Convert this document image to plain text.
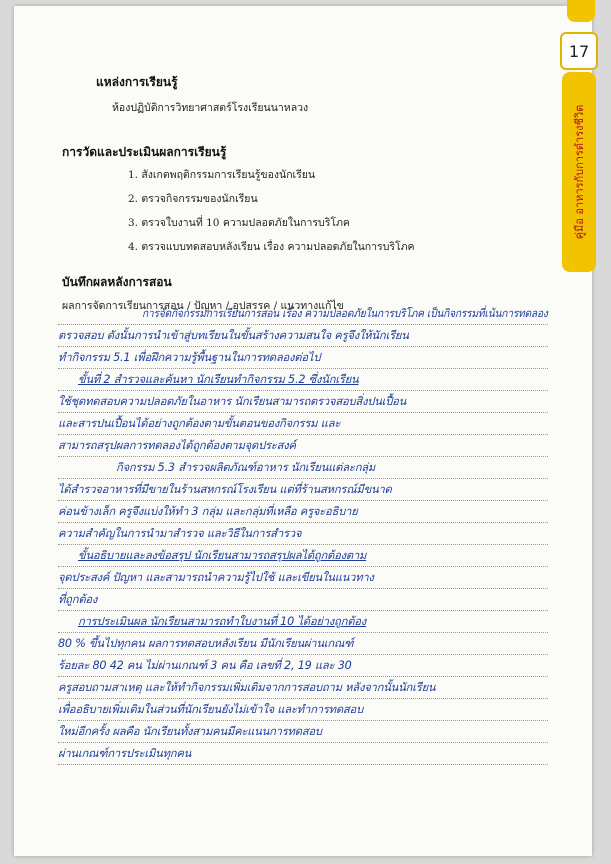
17
คู่มือ อาหารกับการดำรงชีวิต
แหล่งการเรียนรู้
ห้องปฏิบัติการวิทยาศาสตร์โรงเรียนนาหลวง
การวัดและประเมินผลการเรียนรู้
1. สังเกตพฤติกรรมการเรียนรู้ของนักเรียน
2. ตรวจกิจกรรมของนักเรียน
3. ตรวจใบงานที่ 10 ความปลอดภัยในการบริโภค
4. ตรวจแบบทดสอบหลังเรียน เรื่อง ความปลอดภัยในการบริโภค
บันทึกผลหลังการสอน
ผลการจัดการเรียนการสอน / ปัญหา / อุปสรรค / แนวทางแก้ไข
การจัดกิจกรรมการเรียนการสอน เรื่อง ความปลอดภัยในการบริโภค เป็นกิจกรรมที่เน้นการทดลอง
ตรวจสอบ ดังนั้นการนำเข้าสู่บทเรียนในขั้นสร้างความสนใจ ครูจึงให้นักเรียน
ทำกิจกรรม 5.1 เพื่อฝึกความรู้พื้นฐานในการทดลองต่อไป
ขั้นที่ 2 สำรวจและค้นหา นักเรียนทำกิจกรรม 5.2 ซึ่งนักเรียน
ใช้ชุดทดสอบความปลอดภัยในอาหาร นักเรียนสามารถตรวจสอบสิ่งปนเปื้อน
และสารปนเปื้อนได้อย่างถูกต้องตามขั้นตอนของกิจกรรม และ
สามารถสรุปผลการทดลองได้ถูกต้องตามจุดประสงค์
กิจกรรม 5.3 สำรวจผลิตภัณฑ์อาหาร นักเรียนแต่ละกลุ่ม
ได้สำรวจอาหารที่มีขายในร้านสหกรณ์โรงเรียน แต่ที่ร้านสหกรณ์มีขนาด
ค่อนข้างเล็ก ครูจึงแบ่งให้ทำ 3 กลุ่ม และกลุ่มที่เหลือ ครูจะอธิบาย
ความสำคัญในการนำมาสำรวจ และวิธีในการสำรวจ
ขั้นอธิบายและลงข้อสรุป นักเรียนสามารถสรุปผลได้ถูกต้องตาม
จุดประสงค์ ปัญหา และสามารถนำความรู้ไปใช้ และเขียนในแนวทาง
ที่ถูกต้อง
การประเมินผล นักเรียนสามารถทำใบงานที่ 10 ได้อย่างถูกต้อง
80 % ขึ้นไปทุกคน ผลการทดสอบหลังเรียน มีนักเรียนผ่านเกณฑ์
ร้อยละ 80 42 คน ไม่ผ่านเกณฑ์ 3 คน คือ เลขที่ 2, 19 และ 30
ครูสอบถามสาเหตุ และให้ทำกิจกรรมเพิ่มเติมจากการสอบถาม หลังจากนั้นนักเรียน
เพื่ออธิบายเพิ่มเติมในส่วนที่นักเรียนยังไม่เข้าใจ และทำการทดสอบ
ใหม่อีกครั้ง ผลคือ นักเรียนทั้งสามคนมีคะแนนการทดสอบ
ผ่านเกณฑ์การประเมินทุกคน
